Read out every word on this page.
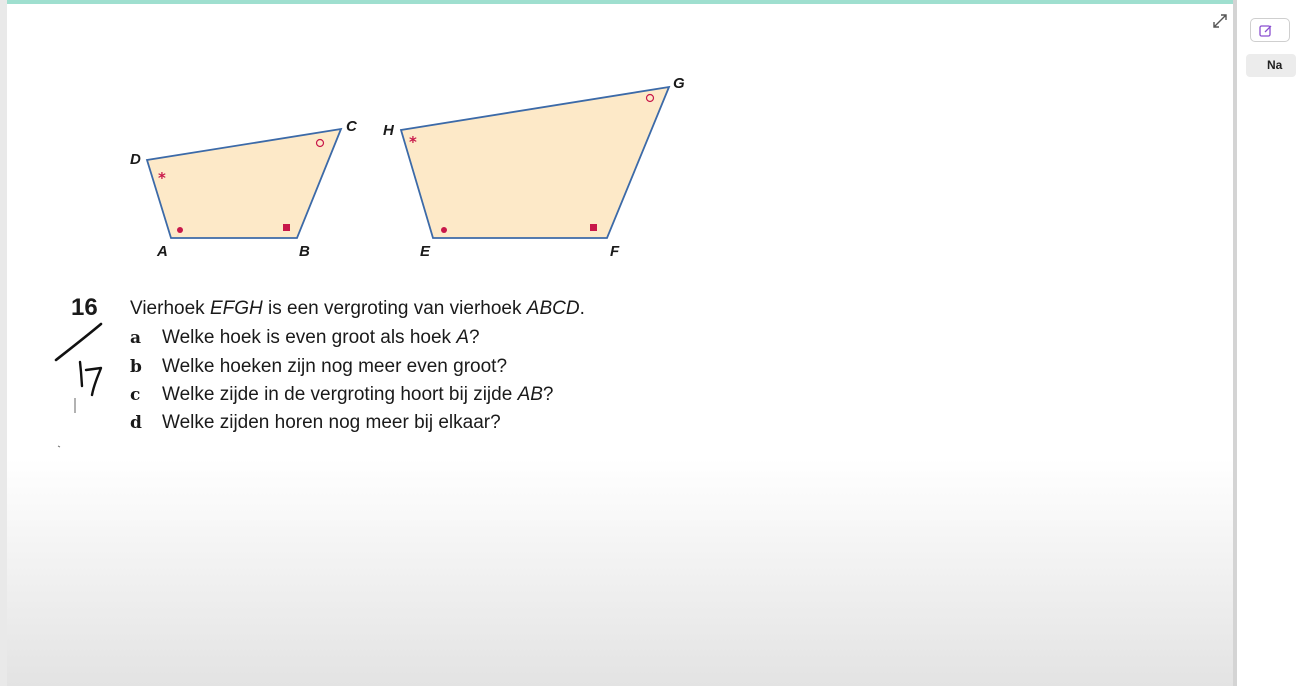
*
*
A	B
C
D
E	F
G
H
16 Vierhoek EFGH is een vergroting van vierhoek ABCD.
a Welke hoek is even groot als hoek A?
b Welke hoeken zijn nog meer even groot?
c Welke zijde in de vergroting hoort bij zijde AB?
d Welke zijden horen nog meer bij elkaar?
Na
